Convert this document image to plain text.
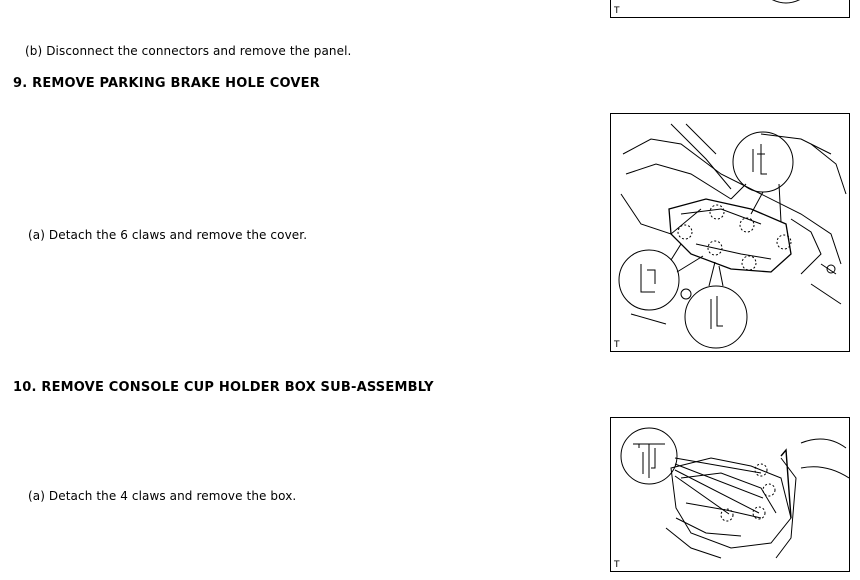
T
(b) Disconnect the connectors and remove the panel.
9. REMOVE PARKING BRAKE HOLE COVER
(a) Detach the 6 claws and remove the cover.
T
10. REMOVE CONSOLE CUP HOLDER BOX SUB-ASSEMBLY
(a) Detach the 4 claws and remove the box.
T
